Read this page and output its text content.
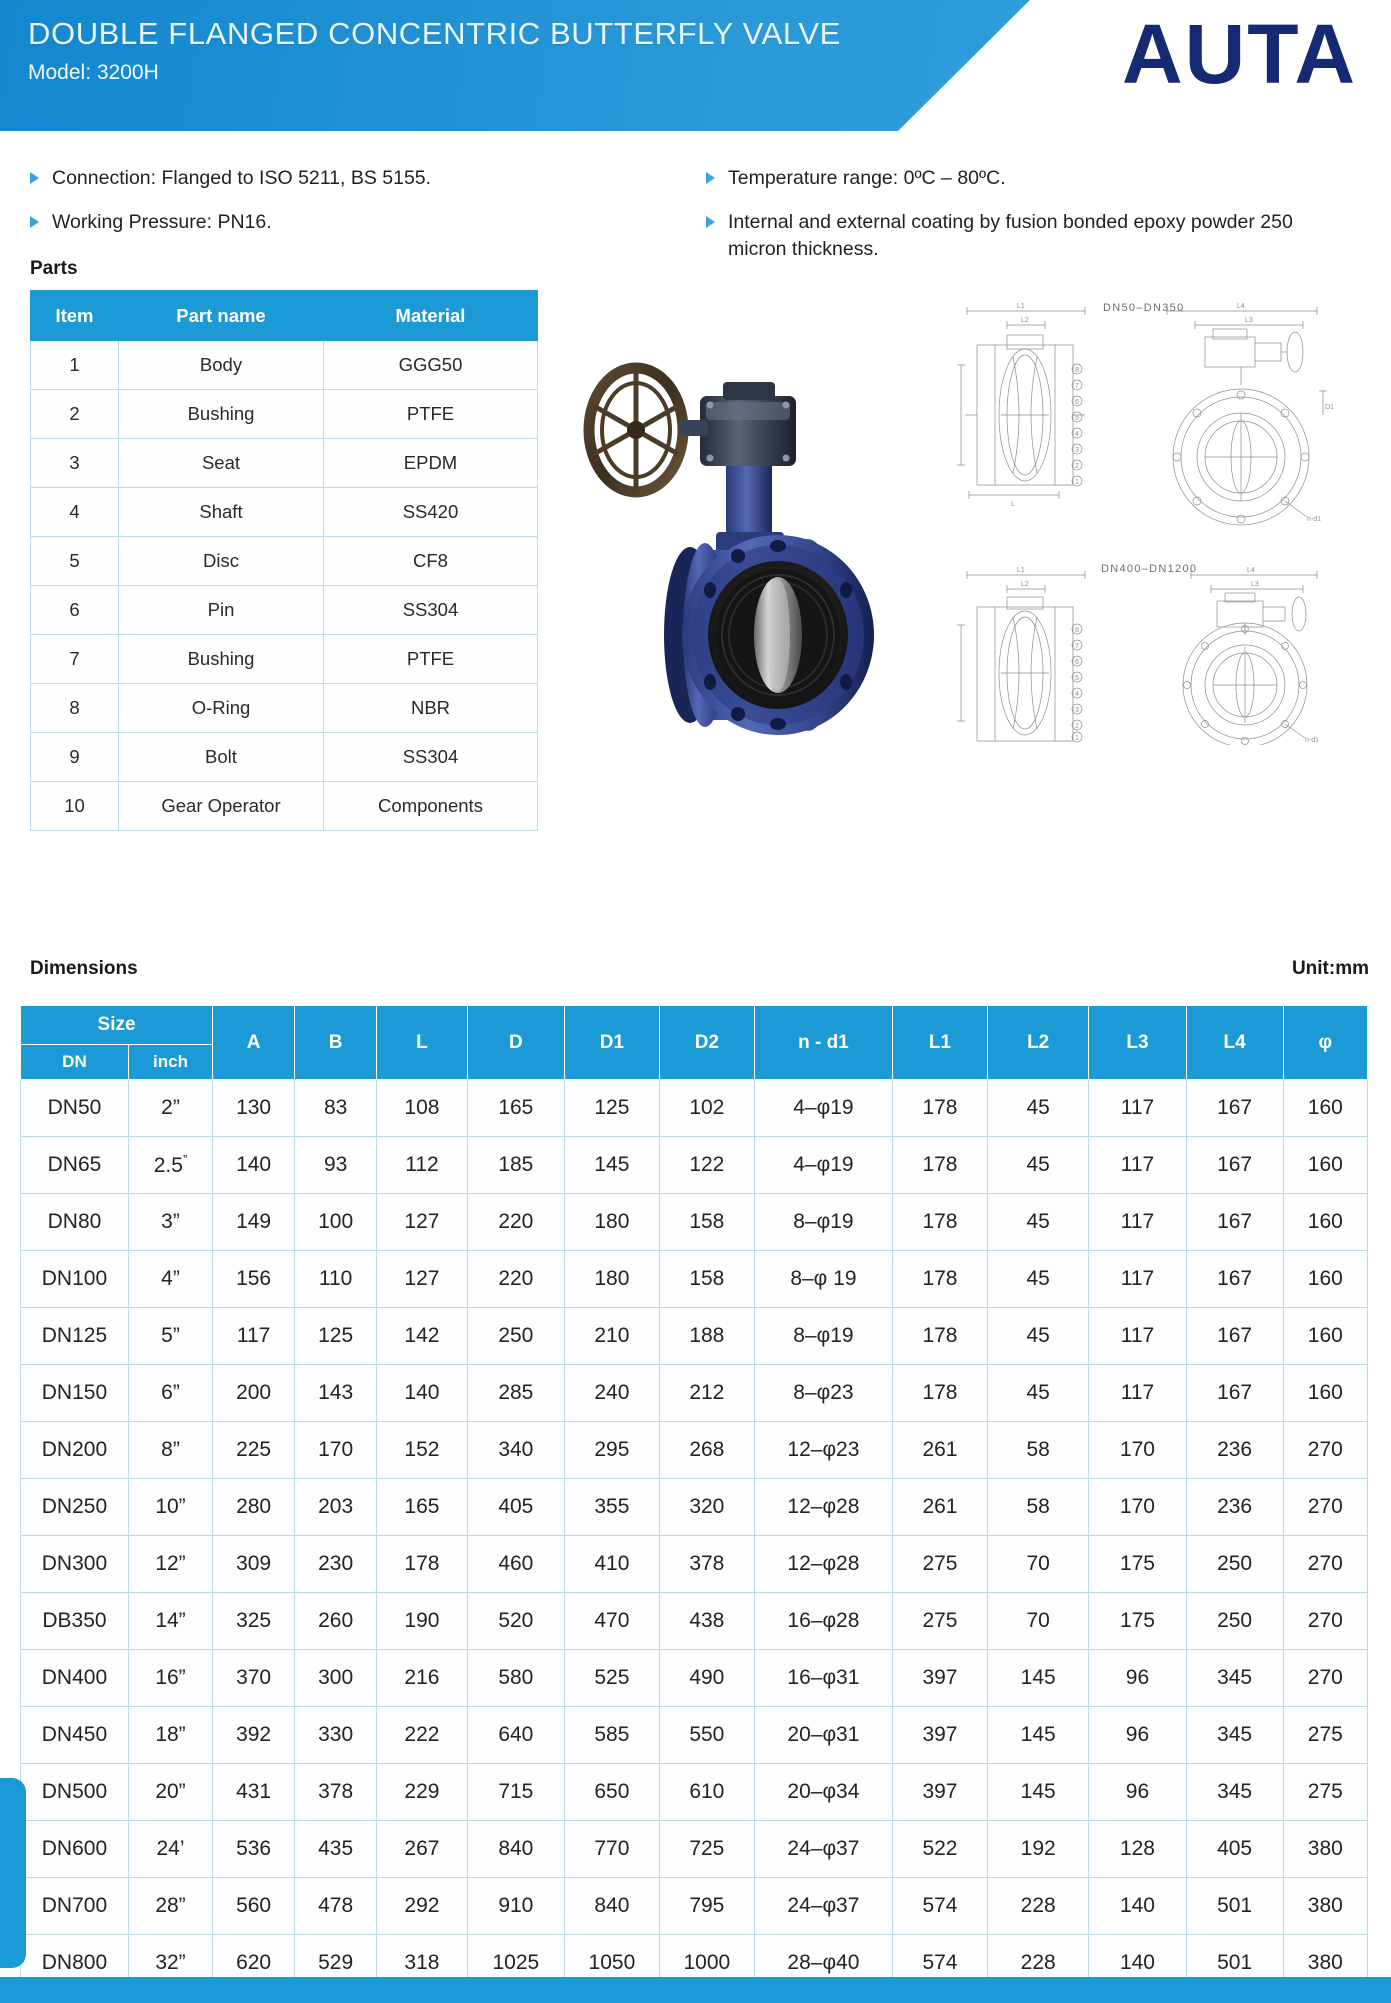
DOUBLE FLANGED CONCENTRIC BUTTERFLY VALVE
Model: 3200H	AUTA
Connection: Flanged to ISO 5211, BS 5155.
Working Pressure: PN16.
Temperature range: 0ºC – 80ºC.
Internal and external coating by fusion bonded epoxy powder 250 micron thickness.
Parts
Item	Part name	Material
1	Body	GGG50
2	Bushing	PTFE
3	Seat	EPDM
4	Shaft	SS420
5	Disc	CF8
6	Pin	SS304
7	Bushing	PTFE
8	O-Ring	NBR
9	Bolt	SS304
10	Gear Operator	Components
L1
L2
8
7
6
5
4
3
2
1
L
L4
L3
n-d1
D1
L1
L2
8
7
6
5
4
3
2
1
L4
L3
n-d1
DN50–DN350
DN400–DN1200
Dimensions	Unit:mm
Size		A	B	L	D	D1	D2	n - d1	L1	L2	L3	L4	φ
DN	inch												
DN50	2”	130	83	108	165	125	102	4–φ19	178	45	117	167	160
DN65	2.5”	140	93	112	185	145	122	4–φ19	178	45	117	167	160
DN80	3”	149	100	127	220	180	158	8–φ19	178	45	117	167	160
DN100	4”	156	110	127	220	180	158	8–φ 19	178	45	117	167	160
DN125	5”	117	125	142	250	210	188	8–φ19	178	45	117	167	160
DN150	6”	200	143	140	285	240	212	8–φ23	178	45	117	167	160
DN200	8”	225	170	152	340	295	268	12–φ23	261	58	170	236	270
DN250	10”	280	203	165	405	355	320	12–φ28	261	58	170	236	270
DN300	12”	309	230	178	460	410	378	12–φ28	275	70	175	250	270
DB350	14”	325	260	190	520	470	438	16–φ28	275	70	175	250	270
DN400	16”	370	300	216	580	525	490	16–φ31	397	145	96	345	270
DN450	18”	392	330	222	640	585	550	20–φ31	397	145	96	345	275
DN500	20”	431	378	229	715	650	610	20–φ34	397	145	96	345	275
DN600	24’	536	435	267	840	770	725	24–φ37	522	192	128	405	380
DN700	28”	560	478	292	910	840	795	24–φ37	574	228	140	501	380
DN800	32”	620	529	318	1025	1050	1000	28–φ40	574	228	140	501	380
